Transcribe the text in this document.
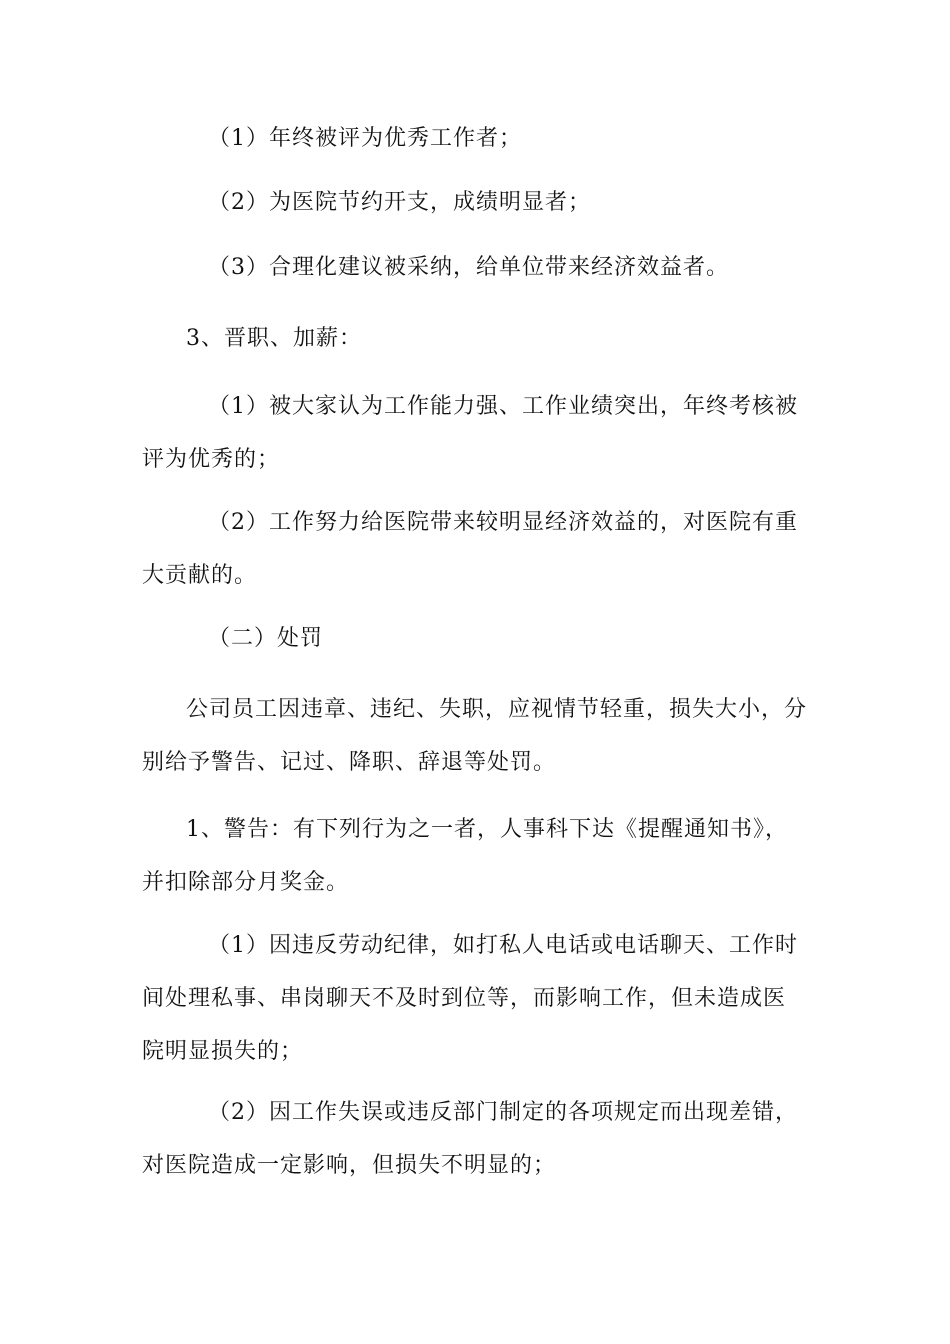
（1）年终被评为优秀工作者；

（2）为医院节约开支，成绩明显者；

（3）合理化建议被采纳，给单位带来经济效益者。

3、晋职、加薪：

（1）被大家认为工作能力强、工作业绩突出，年终考核被评为优秀的；

（2）工作努力给医院带来较明显经济效益的，对医院有重大贡献的。

（二）处罚

公司员工因违章、违纪、失职，应视情节轻重，损失大小，分别给予警告、记过、降职、辞退等处罚。

1、警告：有下列行为之一者，人事科下达《提醒通知书》，并扣除部分月奖金。

（1）因违反劳动纪律，如打私人电话或电话聊天、工作时间处理私事、串岗聊天不及时到位等，而影响工作，但未造成医院明显损失的；

（2）因工作失误或违反部门制定的各项规定而出现差错，对医院造成一定影响，但损失不明显的；
